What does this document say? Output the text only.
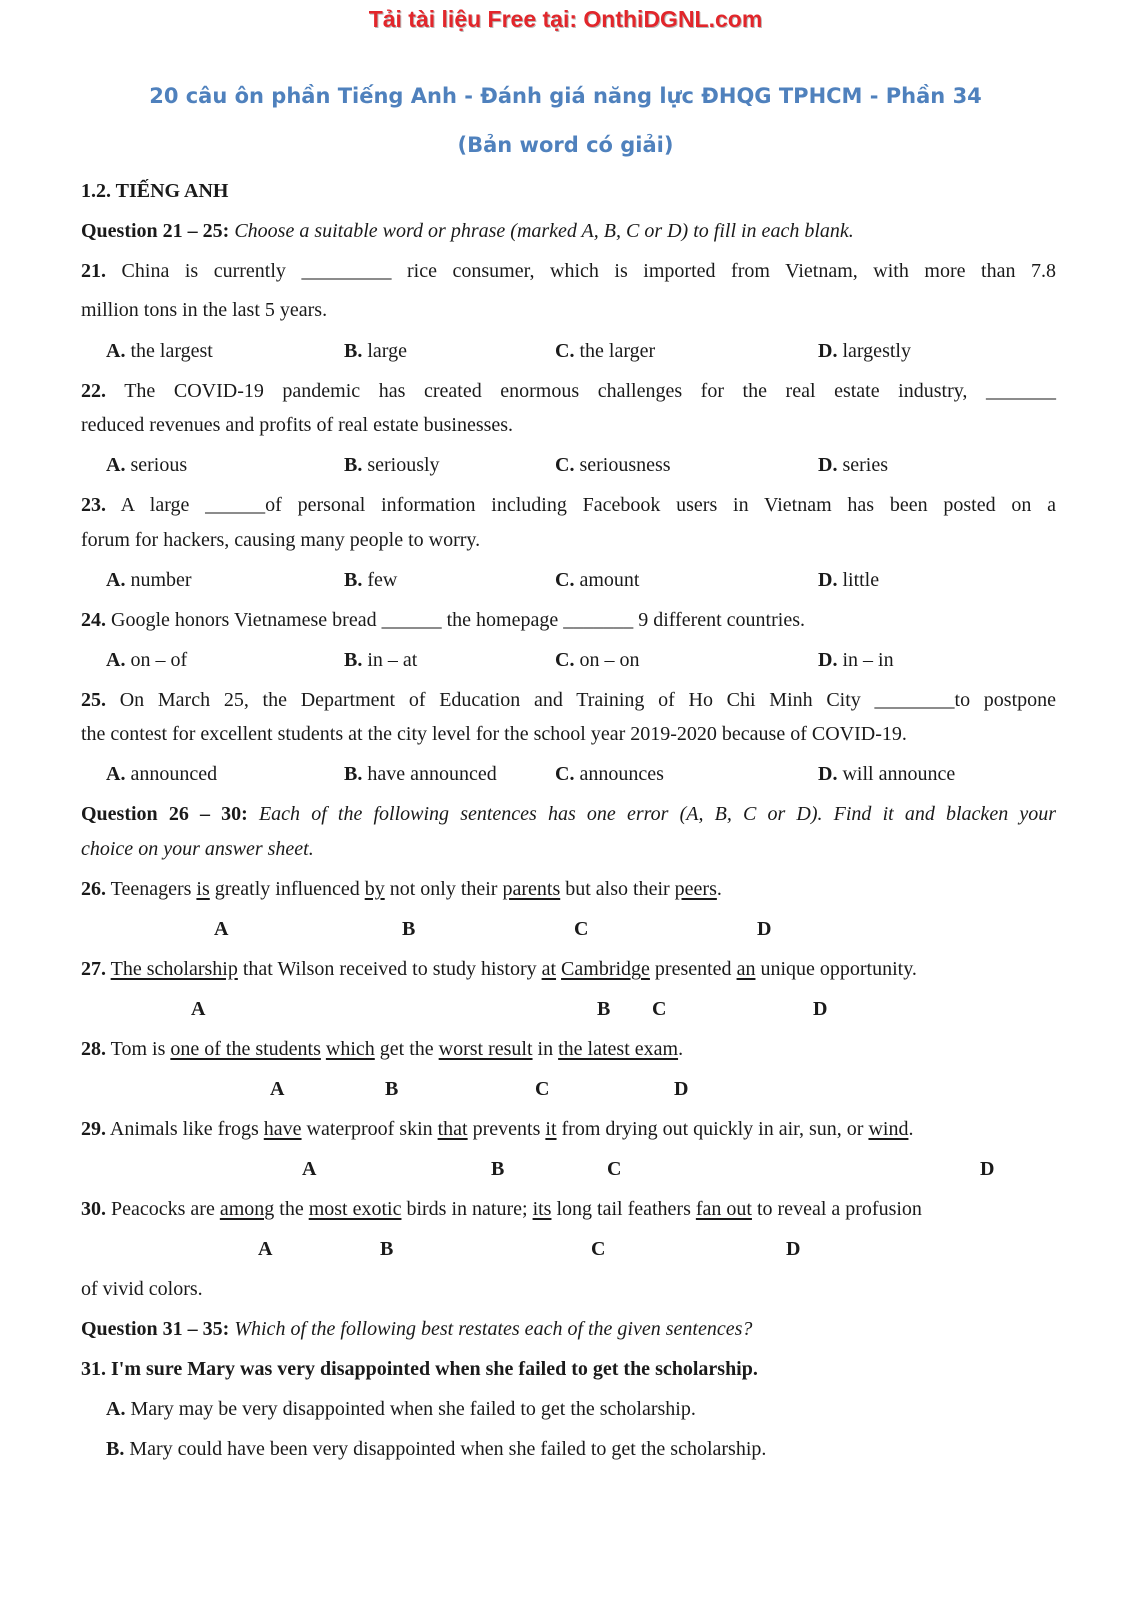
Tải tài liệu Free tại: OnthiDGNL.com
20 câu ôn phần Tiếng Anh - Đánh giá năng lực ĐHQG TPHCM - Phần 34
(Bản word có giải)
1.2. TIẾNG ANH
Question 21 – 25: Choose a suitable word or phrase (marked A, B, C or D) to fill in each blank.
21. China is currently _________ rice consumer, which is imported from Vietnam, with more than 7.8
million tons in the last 5 years.
A. the largest	B. large	C. the larger	D. largestly
22. The COVID-19 pandemic has created enormous challenges for the real estate industry, _______
reduced revenues and profits of real estate businesses.
A. serious	B. seriously	C. seriousness	D. series
23. A large ______of personal information including Facebook users in Vietnam has been posted on a
forum for hackers, causing many people to worry.
A. number	B. few	C. amount	D. little
24. Google honors Vietnamese bread ______ the homepage _______ 9 different countries.
A. on – of	B. in – at	C. on – on	D. in – in
25. On March 25, the Department of Education and Training of Ho Chi Minh City ________to postpone
the contest for excellent students at the city level for the school year 2019-2020 because of COVID-19.
A. announced	B. have announced	C. announces	D. will announce
Question 26 – 30: Each of the following sentences has one error (A, B, C or D). Find it and blacken your
choice on your answer sheet.
26. Teenagers is greatly influenced by not only their parents but also their peers.
A	B	C	D
27. The scholarship that Wilson received to study history at Cambridge presented an unique opportunity.
A	B C	D
28. Tom is one of the students which get the worst result in the latest exam.
A	B	C	D
29. Animals like frogs have waterproof skin that prevents it from drying out quickly in air, sun, or wind.
A	B	C	D
30. Peacocks are among the most exotic birds in nature; its long tail feathers fan out to reveal a profusion
A	B	C	D
of vivid colors.
Question 31 – 35: Which of the following best restates each of the given sentences?
31. I'm sure Mary was very disappointed when she failed to get the scholarship.
A. Mary may be very disappointed when she failed to get the scholarship.
B. Mary could have been very disappointed when she failed to get the scholarship.
